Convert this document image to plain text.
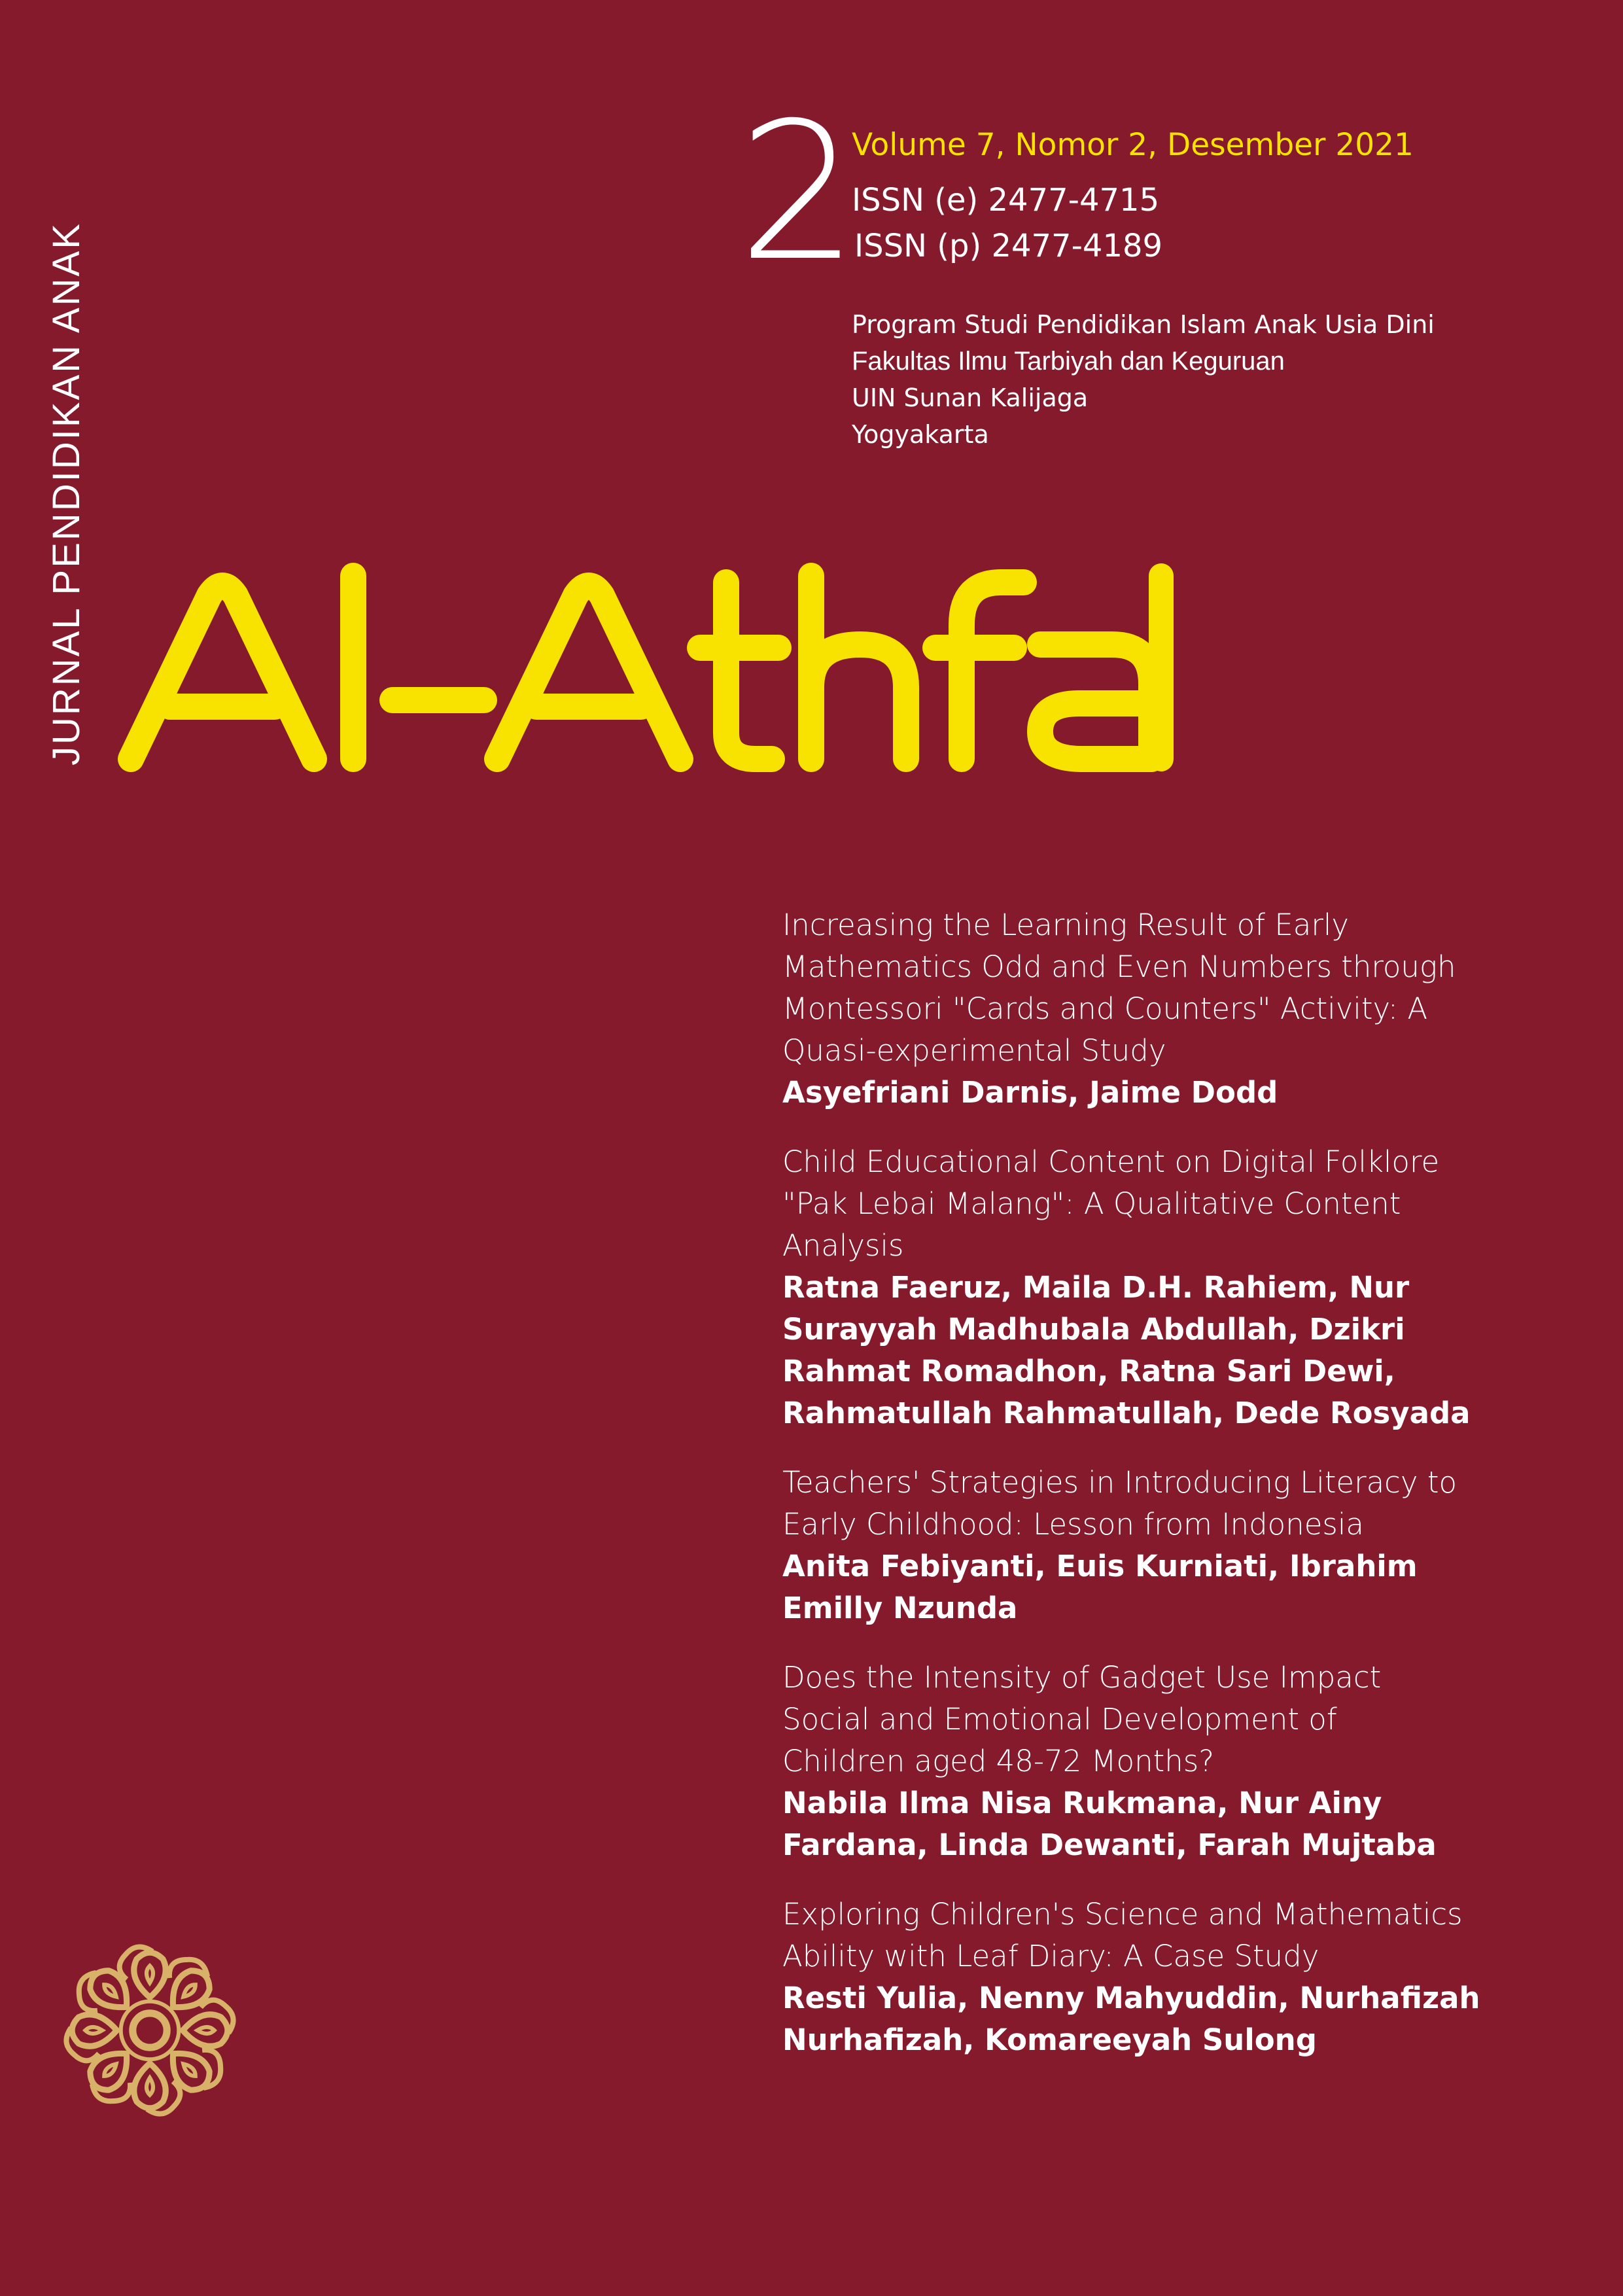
JURNAL PENDIDIKAN ANAK
2
Volume 7, Nomor 2, Desember 2021
ISSN (e) 2477-4715
ISSN (p) 2477-4189
Program Studi Pendidikan Islam Anak Usia Dini
Fakultas Ilmu Tarbiyah dan Keguruan
UIN Sunan Kalijaga
Yogyakarta
Increasing the Learning Result of Early
Mathematics Odd and Even Numbers through
Montessori "Cards and Counters" Activity: A
Quasi-experimental Study
Asyefriani Darnis, Jaime Dodd
Child Educational Content on Digital Folklore
"Pak Lebai Malang": A Qualitative Content
Analysis
Ratna Faeruz, Maila D.H. Rahiem, Nur
Surayyah Madhubala Abdullah, Dzikri
Rahmat Romadhon, Ratna Sari Dewi,
Rahmatullah Rahmatullah, Dede Rosyada
Teachers' Strategies in Introducing Literacy to
Early Childhood: Lesson from Indonesia
Anita Febiyanti, Euis Kurniati, Ibrahim
Emilly Nzunda
Does the Intensity of Gadget Use Impact
Social and Emotional Development of
Children aged 48-72 Months?
Nabila Ilma Nisa Rukmana, Nur Ainy
Fardana, Linda Dewanti, Farah Mujtaba
Exploring Children's Science and Mathematics
Ability with Leaf Diary: A Case Study
Resti Yulia, Nenny Mahyuddin, Nurhafizah
Nurhafizah, Komareeyah Sulong
